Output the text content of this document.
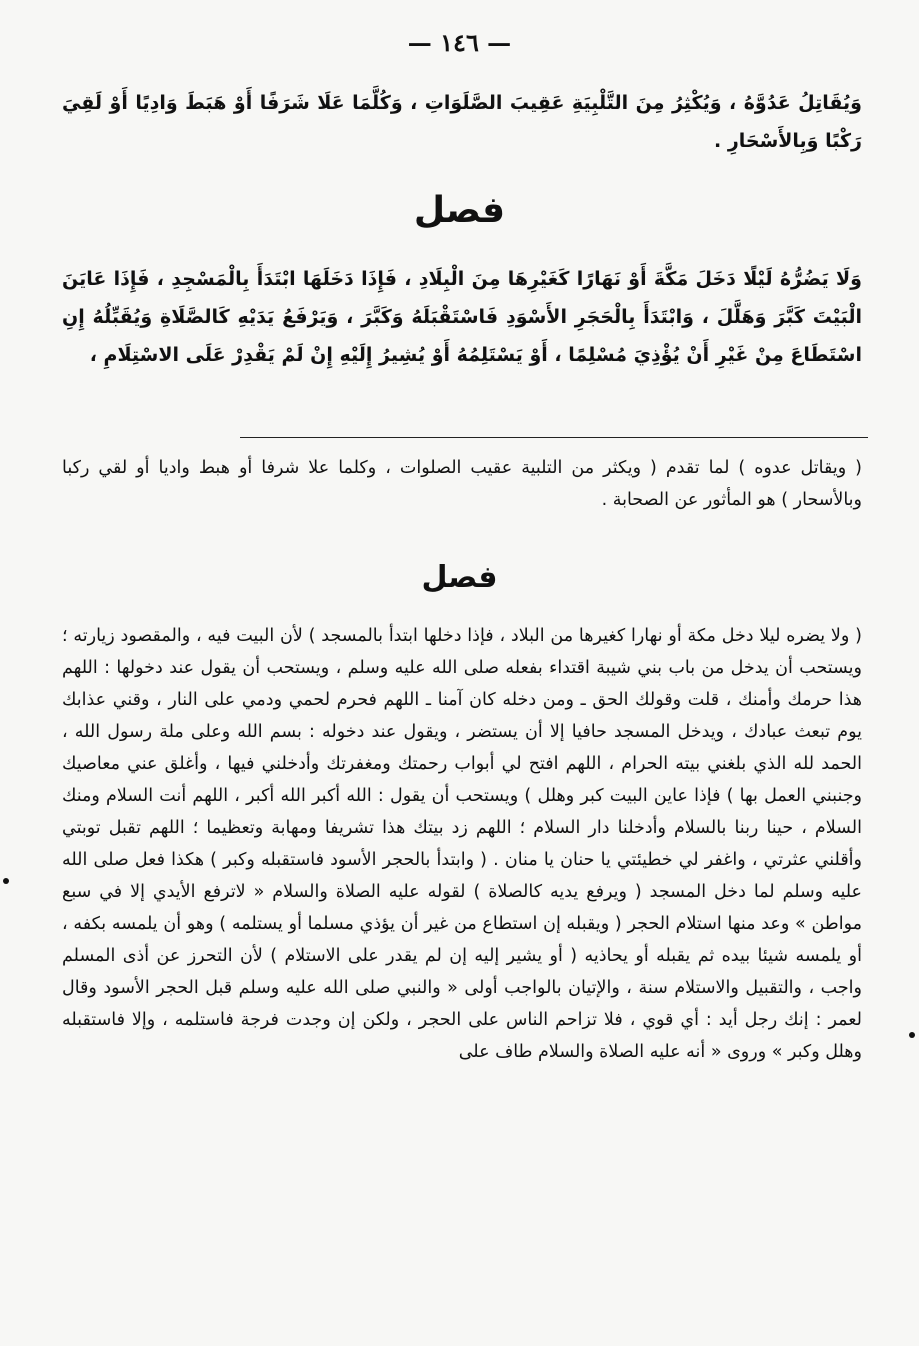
— ١٤٦ —

وَيُقَاتِلُ عَدُوَّهُ ، وَيُكْثِرُ مِنَ التَّلْبِيَةِ عَقِيبَ الصَّلَوَاتِ ، وَكُلَّمَا عَلَا شَرَفًا أَوْ هَبَطَ وَادِيًا أَوْ لَقِيَ رَكْبًا وَبِالأَسْحَارِ .

فصل

وَلَا يَضُرُّهُ لَيْلًا دَخَلَ مَكَّةَ أَوْ نَهَارًا كَغَيْرِهَا مِنَ الْبِلَادِ ، فَإِذَا دَخَلَهَا ابْتَدَأَ بِالْمَسْجِدِ ، فَإِذَا عَايَنَ الْبَيْتَ كَبَّرَ وَهَلَّلَ ، وَابْتَدَأَ بِالْحَجَرِ الأَسْوَدِ فَاسْتَقْبَلَهُ وَكَبَّرَ ، وَيَرْفَعُ يَدَيْهِ كَالصَّلَاةِ وَيُقَبِّلُهُ إِنِ اسْتَطَاعَ مِنْ غَيْرِ أَنْ يُؤْذِيَ مُسْلِمًا ، أَوْ يَسْتَلِمُهُ أَوْ يُشِيرُ إِلَيْهِ إِنْ لَمْ يَقْدِرْ عَلَى الاسْتِلَامِ ،

( ويقاتل عدوه ) لما تقدم ( ويكثر من التلبية عقيب الصلوات ، وكلما علا شرفا أو هبط واديا أو لقي ركبا وبالأسحار ) هو المأثور عن الصحابة .

فصل

( ولا يضره ليلا دخل مكة أو نهارا كغيرها من البلاد ، فإذا دخلها ابتدأ بالمسجد ) لأن البيت فيه ، والمقصود زيارته ؛ ويستحب أن يدخل من باب بني شيبة اقتداء بفعله صلى الله عليه وسلم ، ويستحب أن يقول عند دخولها : اللهم هذا حرمك وأمنك ، قلت وقولك الحق ـ ومن دخله كان آمنا ـ اللهم فحرم لحمي ودمي على النار ، وقني عذابك يوم تبعث عبادك ، ويدخل المسجد حافيا إلا أن يستضر ، ويقول عند دخوله : بسم الله وعلى ملة رسول الله ، الحمد لله الذي بلغني بيته الحرام ، اللهم افتح لي أبواب رحمتك ومغفرتك وأدخلني فيها ، وأغلق عني معاصيك وجنبني العمل بها ) فإذا عاين البيت كبر وهلل ) ويستحب أن يقول : الله أكبر الله أكبر ، اللهم أنت السلام ومنك السلام ، حينا ربنا بالسلام وأدخلنا دار السلام ؛ اللهم زد بيتك هذا تشريفا ومهابة وتعظيما ؛ اللهم تقبل توبتي وأقلني عثرتي ، واغفر لي خطيئتي يا حنان يا منان . ( وابتدأ بالحجر الأسود فاستقبله وكبر ) هكذا فعل صلى الله عليه وسلم لما دخل المسجد ( ويرفع يديه كالصلاة ) لقوله عليه الصلاة والسلام « لاترفع الأيدي إلا في سبع مواطن » وعد منها استلام الحجر ( ويقبله إن استطاع من غير أن يؤذي مسلما أو يستلمه ) وهو أن يلمسه بكفه ، أو يلمسه شيئا بيده ثم يقبله أو يحاذيه ( أو يشير إليه إن لم يقدر على الاستلام ) لأن التحرز عن أذى المسلم واجب ، والتقبيل والاستلام سنة ، والإتيان بالواجب أولى « والنبي صلى الله عليه وسلم قبل الحجر الأسود وقال لعمر : إنك رجل أيد : أي قوي ، فلا تزاحم الناس على الحجر ، ولكن إن وجدت فرجة فاستلمه ، وإلا فاستقبله وهلل وكبر » وروى « أنه عليه الصلاة والسلام طاف على
